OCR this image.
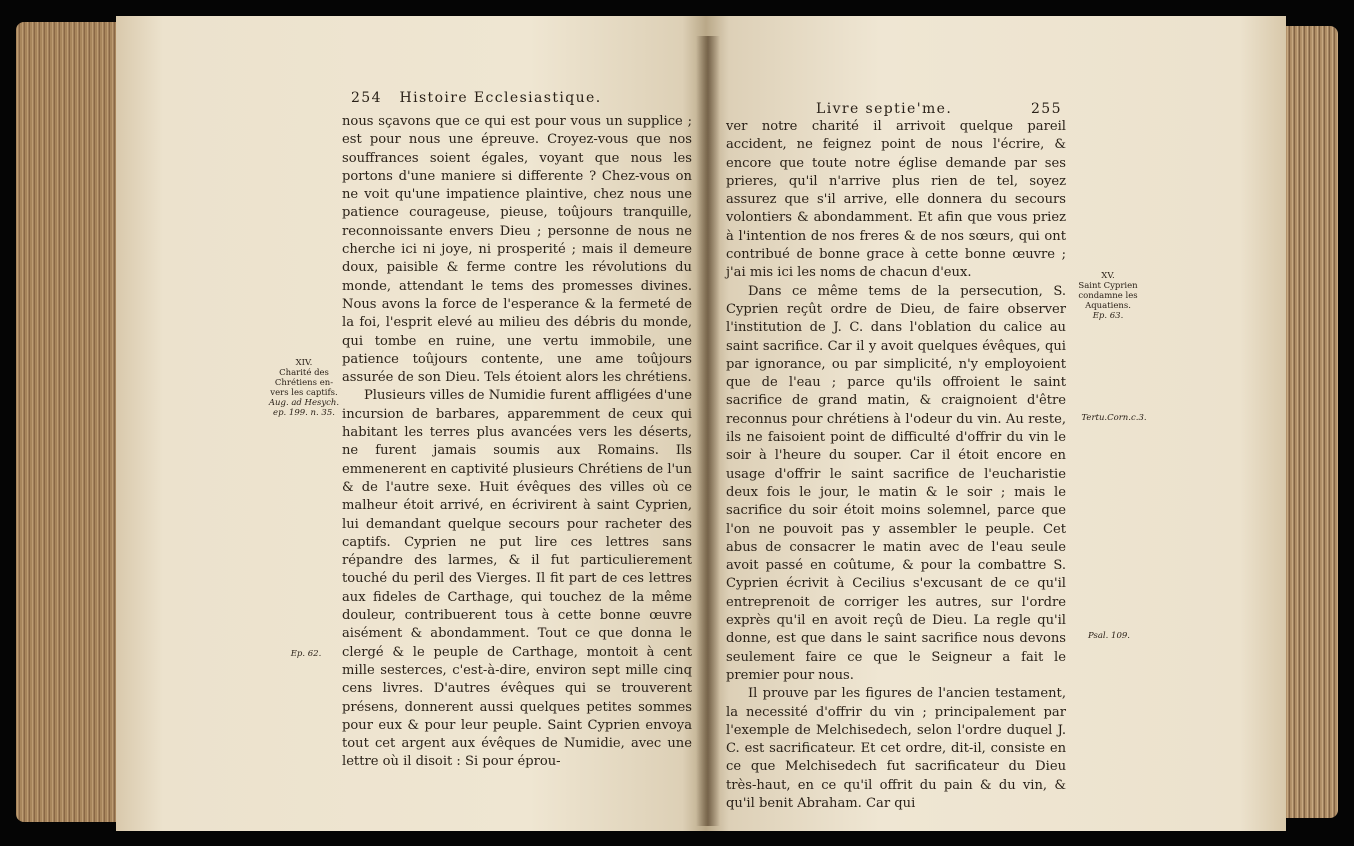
254 Histoire Ecclesiastique.

nous sçavons que ce qui est pour vous un supplice ; est pour nous une épreuve. Croyez-vous que nos souffrances soient égales, voyant que nous les portons d'une maniere si differente ? Chez-vous on ne voit qu'une impatience plaintive, chez nous une patience courageuse, pieuse, toûjours tranquille, reconnoissante envers Dieu ; personne de nous ne cherche ici ni joye, ni prosperité ; mais il demeure doux, paisible & ferme contre les révolutions du monde, attendant le tems des promesses divines. Nous avons la force de l'esperance & la fermeté de la foi, l'esprit elevé au milieu des débris du monde, qui tombe en ruine, une vertu immobile, une patience toûjours contente, une ame toûjours assurée de son Dieu. Tels étoient alors les chrétiens.

Plusieurs villes de Numidie furent affligées d'une incursion de barbares, apparemment de ceux qui habitant les terres plus avancées vers les déserts, ne furent jamais soumis aux Romains. Ils emmenerent en captivité plusieurs Chrétiens de l'un & de l'autre sexe. Huit évêques des villes où ce malheur étoit arrivé, en écrivirent à saint Cyprien, lui demandant quelque secours pour racheter des captifs. Cyprien ne put lire ces lettres sans répandre des larmes, & il fut particulierement touché du peril des Vierges. Il fit part de ces lettres aux fideles de Carthage, qui touchez de la même douleur, contribuerent tous à cette bonne œuvre aisément & abondamment. Tout ce que donna le clergé & le peuple de Carthage, montoit à cent mille sesterces, c'est-à-dire, environ sept mille cinq cens livres. D'autres évêques qui se trouverent présens, donnerent aussi quelques petites sommes pour eux & pour leur peuple. Saint Cyprien envoya tout cet argent aux évêques de Numidie, avec une lettre où il disoit : Si pour éprou-

XIV.
Charité des
Chrétiens en-
vers les captifs.
Aug. ad Hesych.
ep. 199. n. 35.
Ep. 62.
Livre septie'me.	255

ver notre charité il arrivoit quelque pareil accident, ne feignez point de nous l'écrire, & encore que toute notre église demande par ses prieres, qu'il n'arrive plus rien de tel, soyez assurez que s'il arrive, elle donnera du secours volontiers & abondamment. Et afin que vous priez à l'intention de nos freres & de nos sœurs, qui ont contribué de bonne grace à cette bonne œuvre ; j'ai mis ici les noms de chacun d'eux.

Dans ce même tems de la persecution, S. Cyprien reçût ordre de Dieu, de faire observer l'institution de J. C. dans l'oblation du calice au saint sacrifice. Car il y avoit quelques évêques, qui par ignorance, ou par simplicité, n'y employoient que de l'eau ; parce qu'ils offroient le saint sacrifice de grand matin, & craignoient d'être reconnus pour chrétiens à l'odeur du vin. Au reste, ils ne faisoient point de difficulté d'offrir du vin le soir à l'heure du souper. Car il étoit encore en usage d'offrir le saint sacrifice de l'eucharistie deux fois le jour, le matin & le soir ; mais le sacrifice du soir étoit moins solemnel, parce que l'on ne pouvoit pas y assembler le peuple. Cet abus de consacrer le matin avec de l'eau seule avoit passé en coûtume, & pour la combattre S. Cyprien écrivit à Cecilius s'excusant de ce qu'il entreprenoit de corriger les autres, sur l'ordre exprès qu'il en avoit reçû de Dieu. La regle qu'il donne, est que dans le saint sacrifice nous devons seulement faire ce que le Seigneur a fait le premier pour nous.

Il prouve par les figures de l'ancien testament, la necessité d'offrir du vin ; principalement par l'exemple de Melchisedech, selon l'ordre duquel J. C. est sacrificateur. Et cet ordre, dit-il, consiste en ce que Melchisedech fut sacrificateur du Dieu très-haut, en ce qu'il offrit du pain & du vin, & qu'il benit Abraham. Car qui

XV.
Saint Cyprien
condamne les
Aquatiens.
Ep. 63.
Tertu.Corn.c.3.
Psal. 109.
